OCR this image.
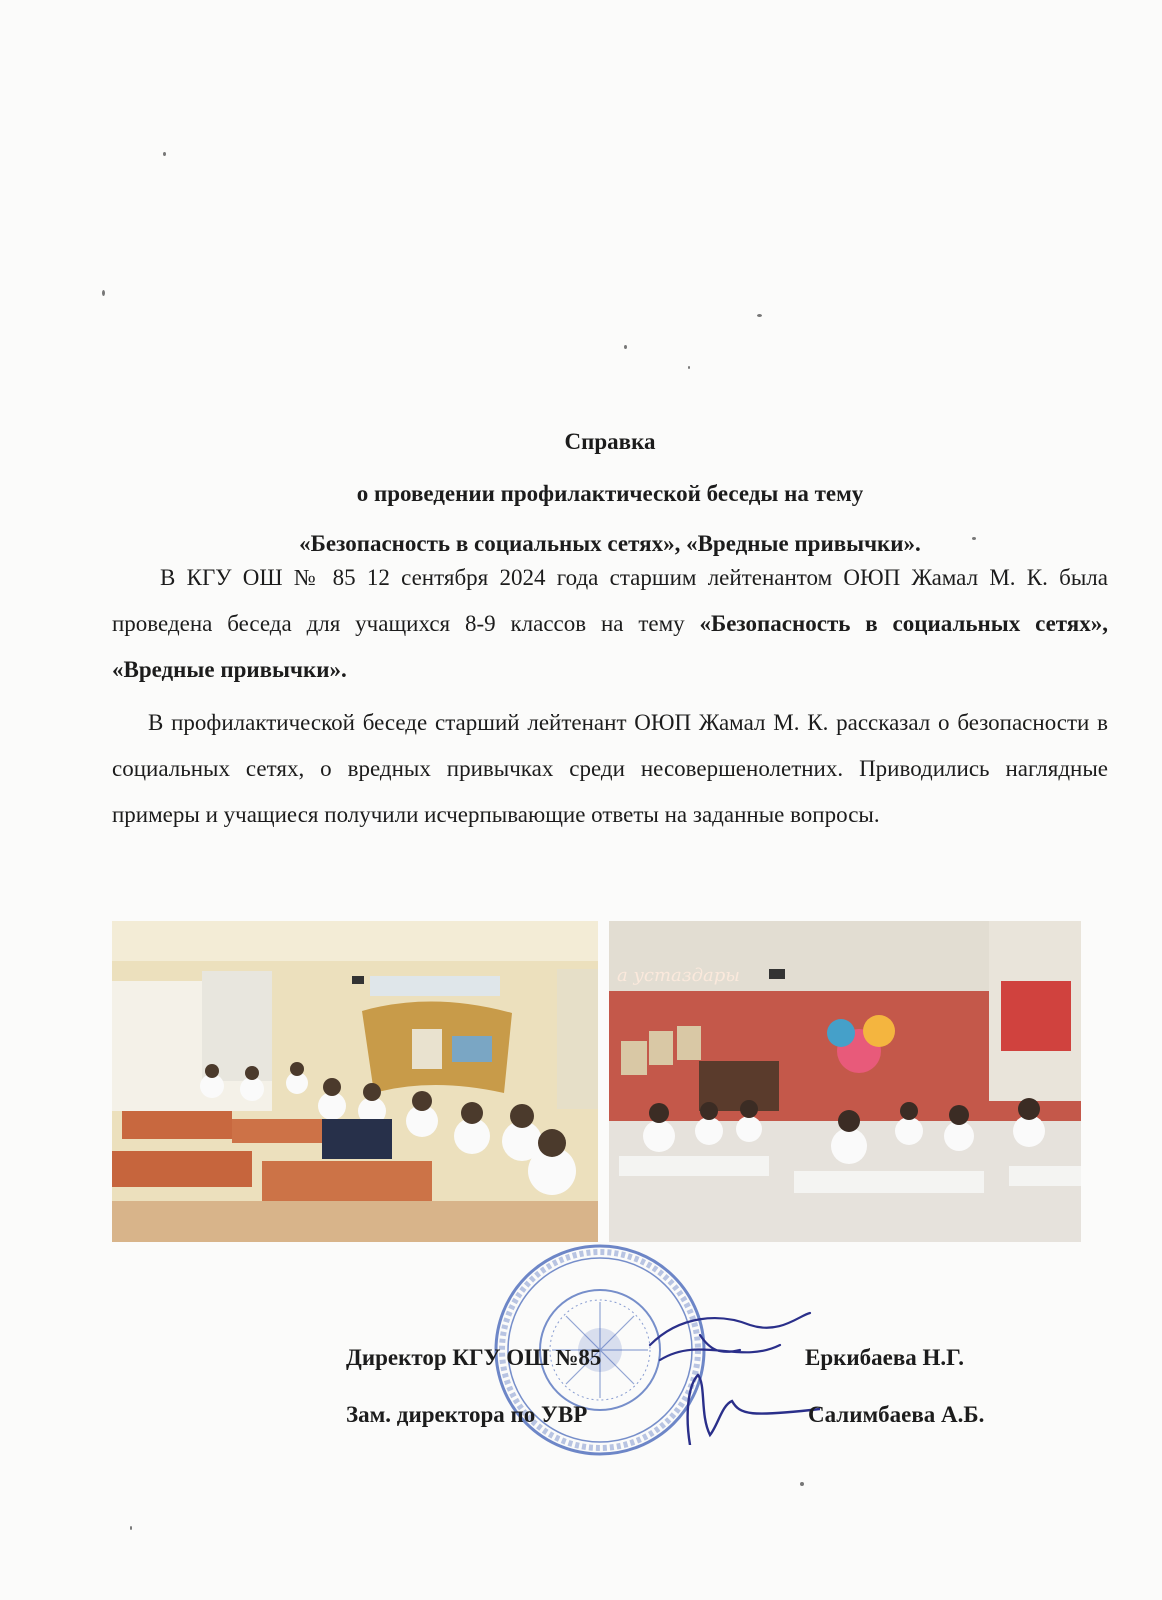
Справка
о проведении профилактической беседы на тему
«Безопасность в социальных сетях», «Вредные привычки».
В КГУ ОШ № 85 12 сентября 2024 года старшим лейтенантом ОЮП Жамал М. К. была проведена беседа для учащихся 8-9 классов на тему «Безопасность в социальных сетях», «Вредные привычки».
В профилактической беседе старший лейтенант ОЮП Жамал М. К. рассказал о безопасности в социальных сетях, о вредных привычках среди несовершенолетних. Приводились наглядные примеры и учащиеся получили исчерпывающие ответы на заданные вопросы.
а устаздары
Директор КГУ ОШ №85	Еркибаева Н.Г.
Зам. директора по УВР	Салимбаева А.Б.
